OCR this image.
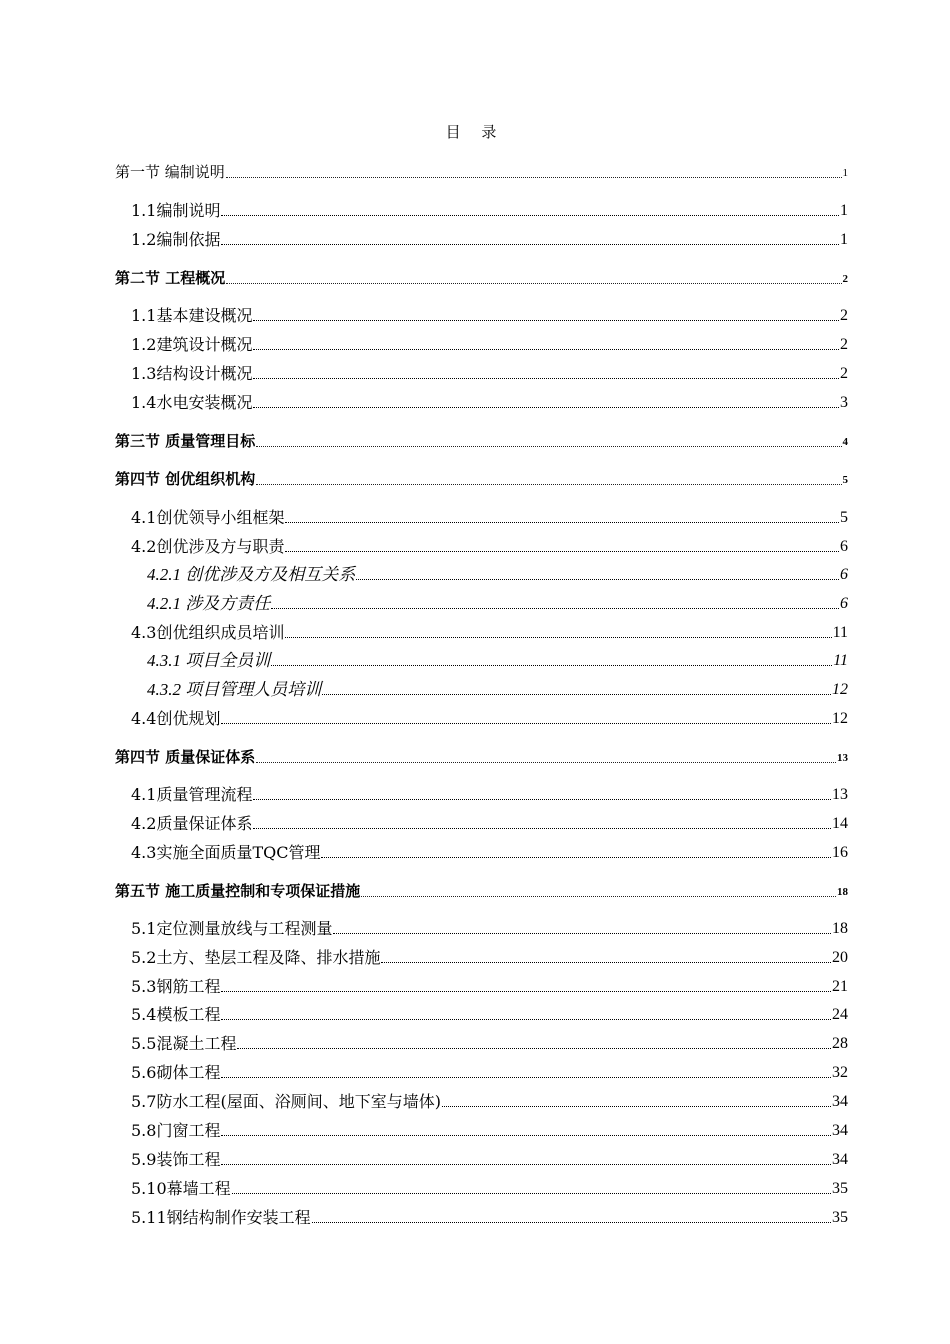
目 录
第一节 编制说明	1
1.1编制说明	1
1.2编制依据	1
第二节 工程概况	2
1.1基本建设概况	2
1.2建筑设计概况	2
1.3结构设计概况	2
1.4水电安装概况	3
第三节 质量管理目标	4
第四节 创优组织机构	5
4.1创优领导小组框架	5
4.2创优涉及方与职责	6
4.2.1 创优涉及方及相互关系	6
4.2.1 涉及方责任	6
4.3创优组织成员培训	11
4.3.1 项目全员训	11
4.3.2 项目管理人员培训	12
4.4创优规划	12
第四节 质量保证体系	13
4.1质量管理流程	13
4.2质量保证体系	14
4.3实施全面质量TQC管理	16
第五节 施工质量控制和专项保证措施	18
5.1定位测量放线与工程测量	18
5.2土方、垫层工程及降、排水措施	20
5.3钢筋工程	21
5.4模板工程	24
5.5混凝土工程	28
5.6砌体工程	32
5.7防水工程(屋面、浴厕间、地下室与墙体)	34
5.8门窗工程	34
5.9装饰工程	34
5.10幕墙工程	35
5.11钢结构制作安装工程	35
